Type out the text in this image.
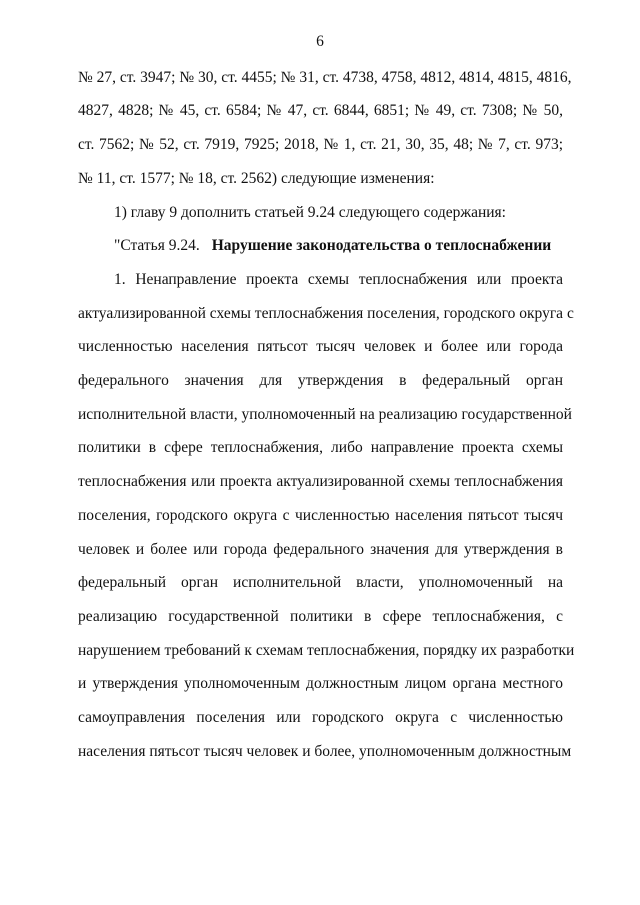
6
№ 27, ст. 3947; № 30, ст. 4455; № 31, ст. 4738, 4758, 4812, 4814, 4815, 4816,
4827, 4828; № 45, ст. 6584; № 47, ст. 6844, 6851; № 49, ст. 7308; № 50,
ст. 7562; № 52, ст. 7919, 7925; 2018, № 1, ст. 21, 30, 35, 48; № 7, ст. 973;
№ 11, ст. 1577; № 18, ст. 2562) следующие изменения:
1) главу 9 дополнить статьей 9.24 следующего содержания:
"Статья 9.24. Нарушение законодательства о теплоснабжении
1. Ненаправление проекта схемы теплоснабжения или проекта
актуализированной схемы теплоснабжения поселения, городского округа с
численностью населения пятьсот тысяч человек и более или города
федерального значения для утверждения в федеральный орган
исполнительной власти, уполномоченный на реализацию государственной
политики в сфере теплоснабжения, либо направление проекта схемы
теплоснабжения или проекта актуализированной схемы теплоснабжения
поселения, городского округа с численностью населения пятьсот тысяч
человек и более или города федерального значения для утверждения в
федеральный орган исполнительной власти, уполномоченный на
реализацию государственной политики в сфере теплоснабжения, с
нарушением требований к схемам теплоснабжения, порядку их разработки
и утверждения уполномоченным должностным лицом органа местного
самоуправления поселения или городского округа с численностью
населения пятьсот тысяч человек и более, уполномоченным должностным
